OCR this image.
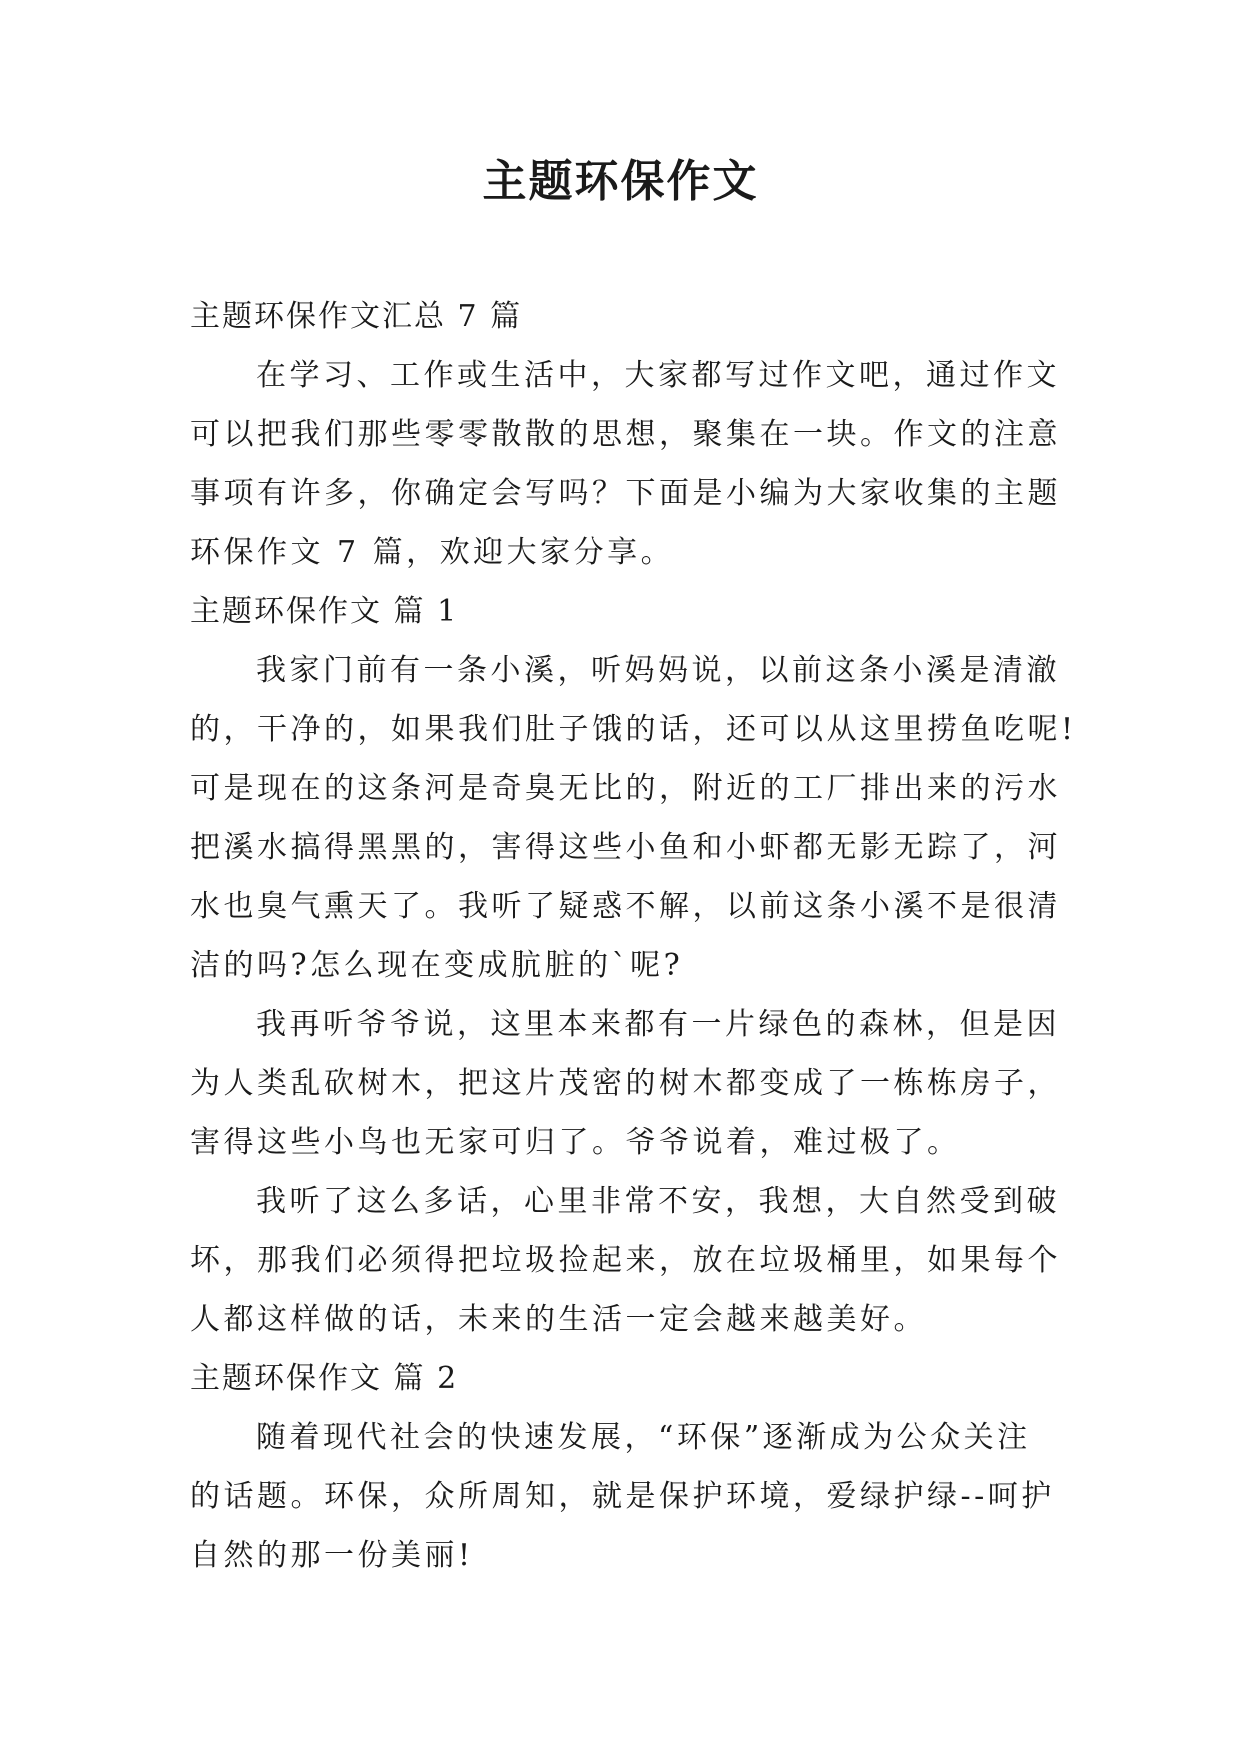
主题环保作文
主题环保作文汇总 7 篇
在学习、工作或生活中，大家都写过作文吧，通过作文
可以把我们那些零零散散的思想，聚集在一块。作文的注意
事项有许多，你确定会写吗？下面是小编为大家收集的主题
环保作文 7 篇，欢迎大家分享。
主题环保作文 篇 1
我家门前有一条小溪，听妈妈说，以前这条小溪是清澈
的，干净的，如果我们肚子饿的话，还可以从这里捞鱼吃呢!
可是现在的这条河是奇臭无比的，附近的工厂排出来的污水
把溪水搞得黑黑的，害得这些小鱼和小虾都无影无踪了，河
水也臭气熏天了。我听了疑惑不解，以前这条小溪不是很清
洁的吗?怎么现在变成肮脏的`呢?
我再听爷爷说，这里本来都有一片绿色的森林，但是因
为人类乱砍树木，把这片茂密的树木都变成了一栋栋房子，
害得这些小鸟也无家可归了。爷爷说着，难过极了。
我听了这么多话，心里非常不安，我想，大自然受到破
坏，那我们必须得把垃圾捡起来，放在垃圾桶里，如果每个
人都这样做的话，未来的生活一定会越来越美好。
主题环保作文 篇 2
随着现代社会的快速发展，“环保”逐渐成为公众关注
的话题。环保，众所周知，就是保护环境，爱绿护绿--呵护
自然的那一份美丽!
